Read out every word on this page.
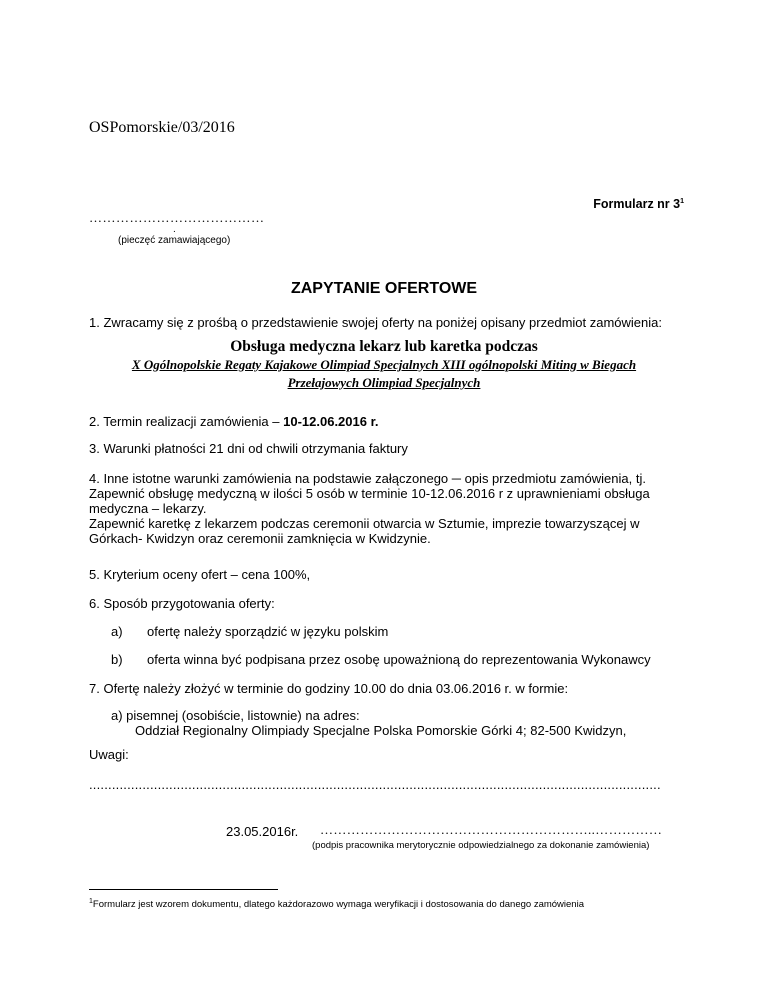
OSPomorskie/03/2016
Formularz nr $3^1$
…………………………………
.
(pieczęć zamawiającego)
ZAPYTANIE OFERTOWE
1. Zwracamy się z prośbą o przedstawienie swojej oferty na poniżej opisany przedmiot zamówienia:
Obsługa medyczna lekarz lub karetka podczas
X Ogólnopolskie Regaty Kajakowe Olimpiad Specjalnych XIII ogólnopolski Miting w Biegach
Przełajowych Olimpiad Specjalnych
2. Termin realizacji zamówienia – 10-12.06.2016 r.
3. Warunki płatności 21 dni od chwili otrzymania faktury
4. Inne istotne warunki zamówienia na podstawie załączonego ─ opis przedmiotu zamówienia, tj.
Zapewnić obsługę medyczną w ilości 5 osób w terminie 10-12.06.2016 r z uprawnieniami obsługa
medyczna – lekarzy.
Zapewnić karetkę z lekarzem podczas ceremonii otwarcia w Sztumie, imprezie towarzyszącej w
Górkach- Kwidzyn oraz ceremonii zamknięcia w Kwidzynie.
5. Kryterium oceny ofert – cena 100%,
6. Sposób przygotowania oferty:
a) ofertę należy sporządzić w języku polskim
b) oferta winna być podpisana przez osobę upoważnioną do reprezentowania Wykonawcy
7. Ofertę należy złożyć w terminie do godziny 10.00 do dnia 03.06.2016 r. w formie:
a) pisemnej (osobiście, listownie) na adres:
Oddział Regionalny Olimpiady Specjalne Polska Pomorskie Górki 4; 82-500 Kwidzyn,
Uwagi:
......................................................................................................................................................
23.05.2016r. ……………………………………………………..……………
(podpis pracownika merytorycznie odpowiedzialnego za dokonanie zamówienia)
$^1$Formularz jest wzorem dokumentu, dlatego każdorazowo wymaga weryfikacji i dostosowania do danego zamówienia
